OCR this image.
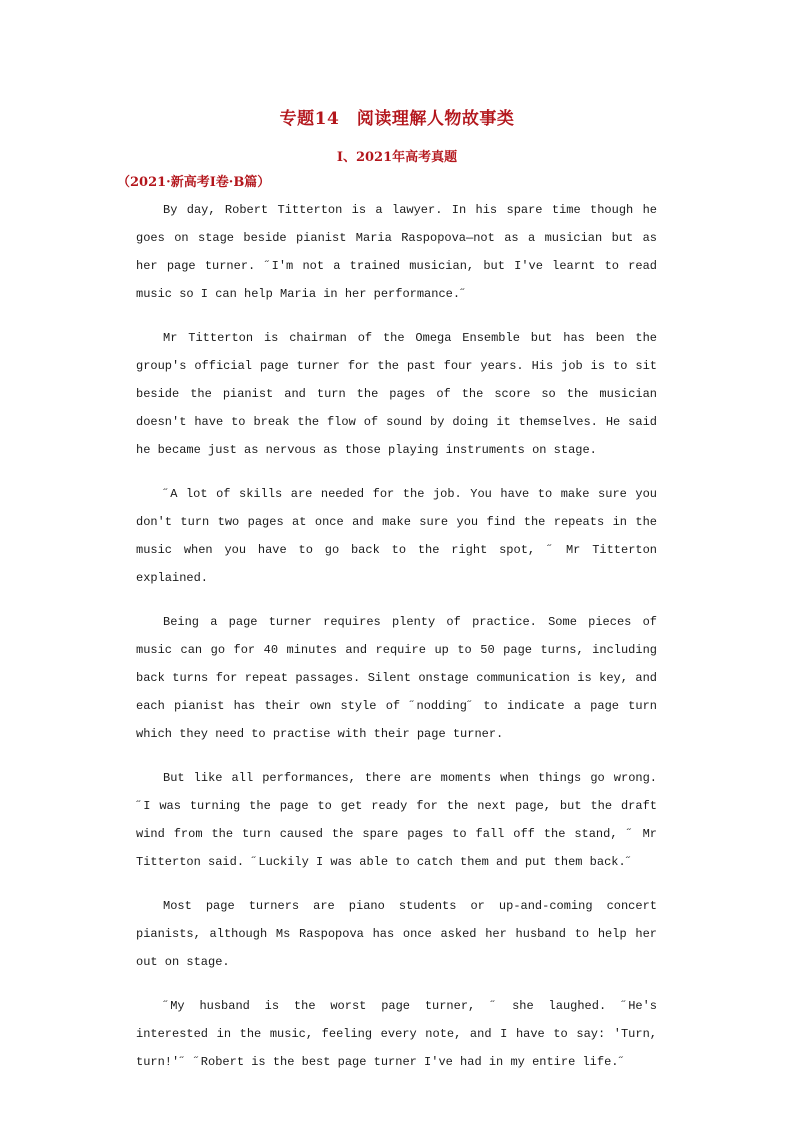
专题14　阅读理解人物故事类
I、2021年高考真题
（2021·新高考I卷·B篇）

By day, Robert Titterton is a lawyer. In his spare time though he goes on stage beside pianist Maria Raspopova—not as a musician but as her page turner. ˝I'm not a trained musician, but I've learnt to read music so I can help Maria in her performance.˝

Mr Titterton is chairman of the Omega Ensemble but has been the group's official page turner for the past four years. His job is to sit beside the pianist and turn the pages of the score so the musician doesn't have to break the flow of sound by doing it themselves. He said he became just as nervous as those playing instruments on stage.

˝A lot of skills are needed for the job. You have to make sure you don't turn two pages at once and make sure you find the repeats in the music when you have to go back to the right spot, ˝ Mr Titterton explained.

Being a page turner requires plenty of practice. Some pieces of music can go for 40 minutes and require up to 50 page turns, including back turns for repeat passages. Silent onstage communication is key, and each pianist has their own style of ˝nodding˝ to indicate a page turn which they need to practise with their page turner.

But like all performances, there are moments when things go wrong. ˝I was turning the page to get ready for the next page, but the draft wind from the turn caused the spare pages to fall off the stand, ˝ Mr Titterton said. ˝Luckily I was able to catch them and put them back.˝

Most page turners are piano students or up-and-coming concert pianists, although Ms Raspopova has once asked her husband to help her out on stage.

˝My husband is the worst page turner, ˝ she laughed. ˝He's interested in the music, feeling every note, and I have to say: 'Turn, turn!'˝ ˝Robert is the best page turner I've had in my entire life.˝
